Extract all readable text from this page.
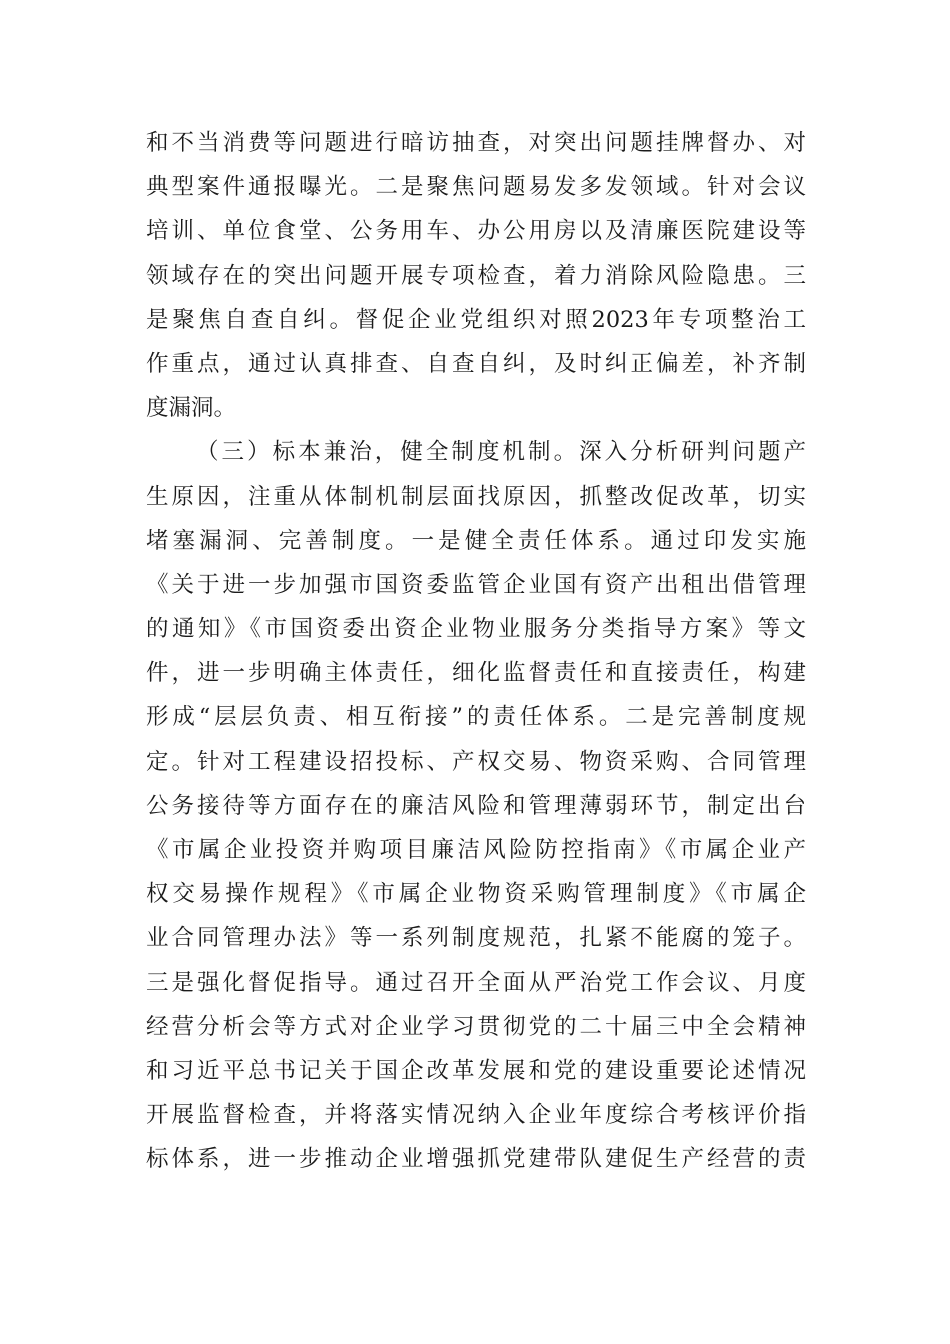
和不当消费等问题进行暗访抽查，对突出问题挂牌督办、对
典型案件通报曝光。二是聚焦问题易发多发领域。针对会议
培训、单位食堂、公务用车、办公用房以及清廉医院建设等
领域存在的突出问题开展专项检查，着力消除风险隐患。三
是聚焦自查自纠。督促企业党组织对照2023年专项整治工
作重点，通过认真排查、自查自纠，及时纠正偏差，补齐制
度漏洞。
（三）标本兼治，健全制度机制。深入分析研判问题产
生原因，注重从体制机制层面找原因，抓整改促改革，切实
堵塞漏洞、完善制度。一是健全责任体系。通过印发实施
《关于进一步加强市国资委监管企业国有资产出租出借管理
的通知》《市国资委出资企业物业服务分类指导方案》等文
件，进一步明确主体责任，细化监督责任和直接责任，构建
形成“层层负责、相互衔接”的责任体系。二是完善制度规
定。针对工程建设招投标、产权交易、物资采购、合同管理
公务接待等方面存在的廉洁风险和管理薄弱环节，制定出台
《市属企业投资并购项目廉洁风险防控指南》《市属企业产
权交易操作规程》《市属企业物资采购管理制度》《市属企
业合同管理办法》等一系列制度规范，扎紧不能腐的笼子。
三是强化督促指导。通过召开全面从严治党工作会议、月度
经营分析会等方式对企业学习贯彻党的二十届三中全会精神
和习近平总书记关于国企改革发展和党的建设重要论述情况
开展监督检查，并将落实情况纳入企业年度综合考核评价指
标体系，进一步推动企业增强抓党建带队建促生产经营的责
